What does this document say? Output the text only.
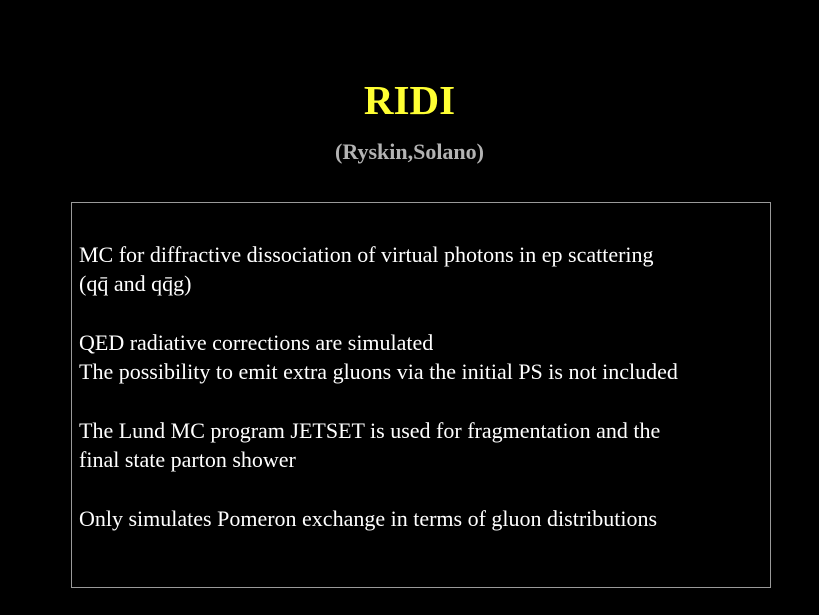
RIDI
(Ryskin,Solano)
MC for diffractive dissociation of virtual photons in ep scattering
(qq̄ and qq̄g)
QED radiative corrections are simulated
The possibility to emit extra gluons via the initial PS is not included
The Lund MC program JETSET is used for fragmentation and the
final state parton shower
Only simulates Pomeron exchange in terms of gluon distributions
